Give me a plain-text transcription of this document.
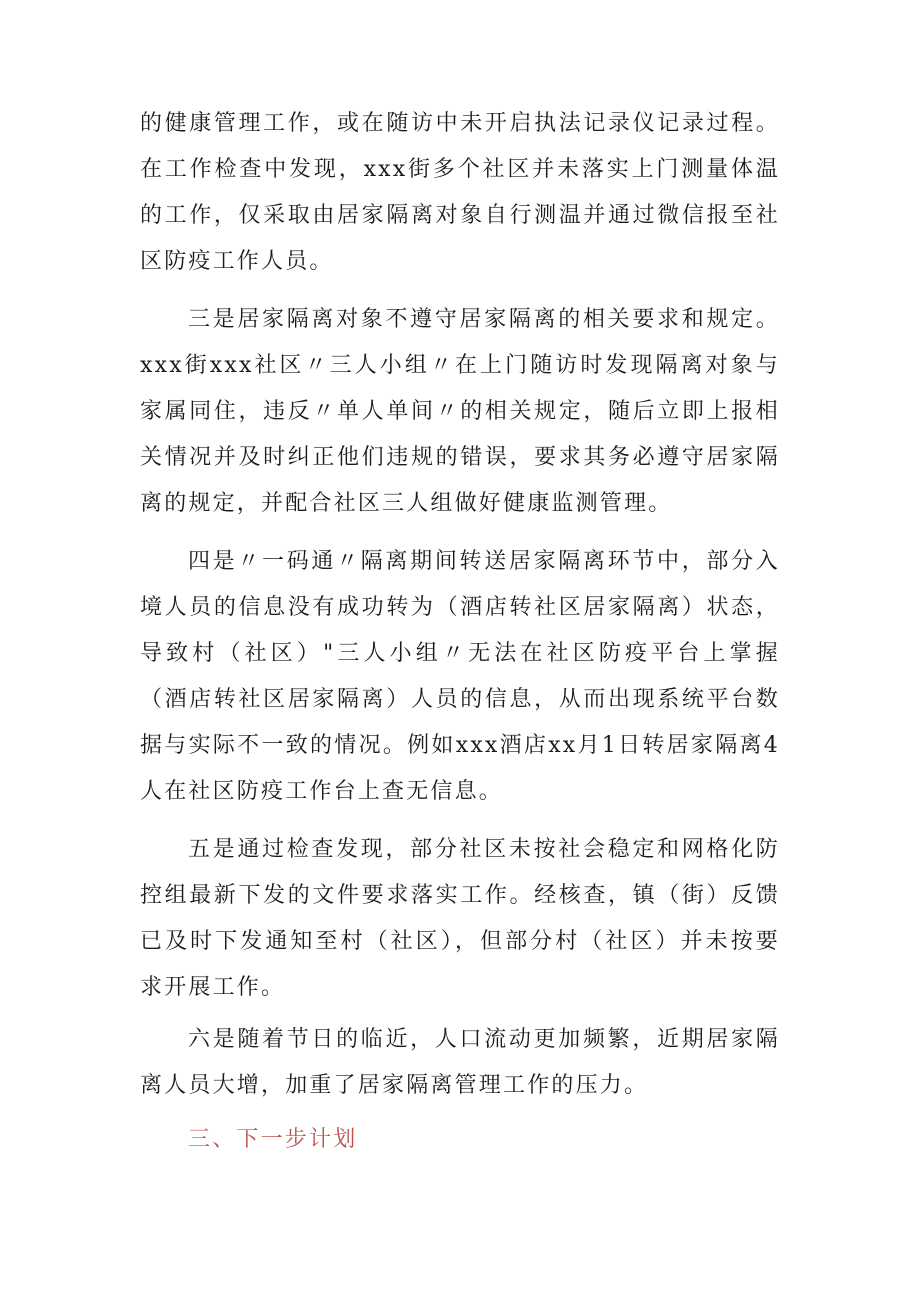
的健康管理工作，或在随访中未开启执法记录仪记录过程。在工作检查中发现，xxx街多个社区并未落实上门测量体温的工作，仅采取由居家隔离对象自行测温并通过微信报至社区防疫工作人员。

三是居家隔离对象不遵守居家隔离的相关要求和规定。xxx街xxx社区〃三人小组〃在上门随访时发现隔离对象与家属同住，违反〃单人单间〃的相关规定，随后立即上报相关情况并及时纠正他们违规的错误，要求其务必遵守居家隔离的规定，并配合社区三人组做好健康监测管理。

四是〃一码通〃隔离期间转送居家隔离环节中，部分入境人员的信息没有成功转为（酒店转社区居家隔离）状态，导致村（社区）"三人小组〃无法在社区防疫平台上掌握（酒店转社区居家隔离）人员的信息，从而出现系统平台数据与实际不一致的情况。例如xxx酒店xx月1日转居家隔离4人在社区防疫工作台上查无信息。

五是通过检查发现，部分社区未按社会稳定和网格化防控组最新下发的文件要求落实工作。经核查，镇（街）反馈已及时下发通知至村（社区），但部分村（社区）并未按要求开展工作。

六是随着节日的临近，人口流动更加频繁，近期居家隔离人员大增，加重了居家隔离管理工作的压力。

三、下一步计划
